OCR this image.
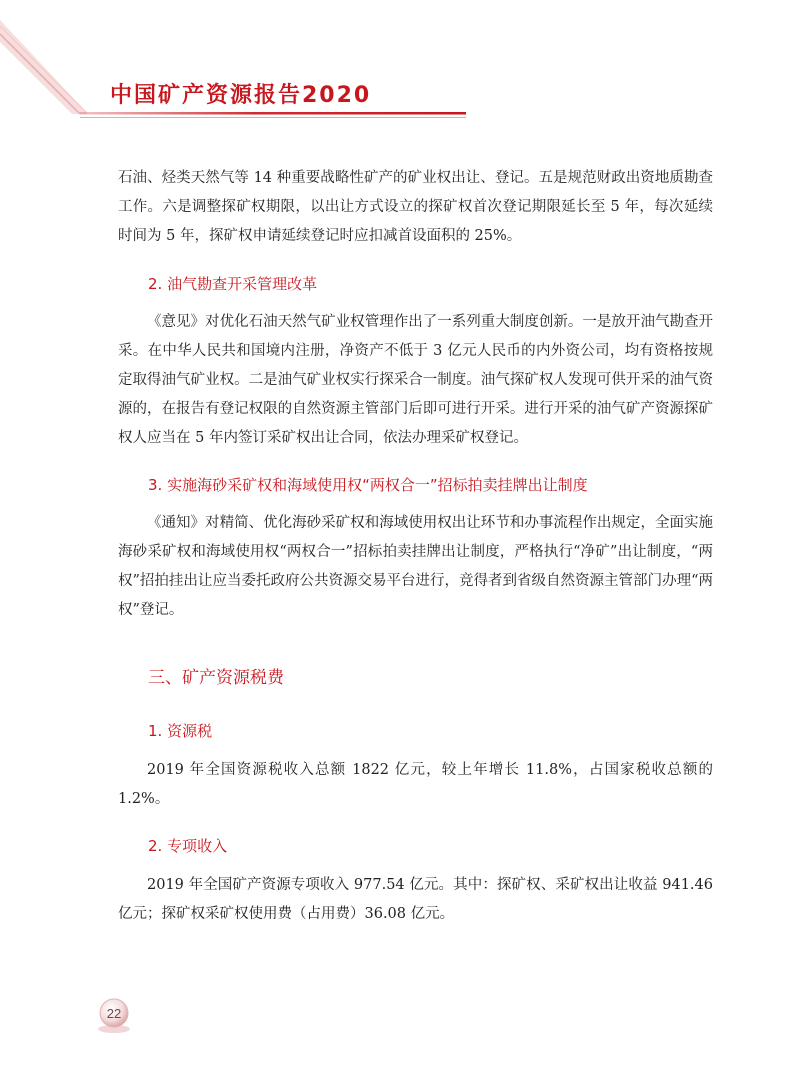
中国矿产资源报告2020

石油、烃类天然气等 14 种重要战略性矿产的矿业权出让、登记。五是规范财政出资地质勘查工作。六是调整探矿权期限，以出让方式设立的探矿权首次登记期限延长至 5 年，每次延续时间为 5 年，探矿权申请延续登记时应扣减首设面积的 25%。

2. 油气勘查开采管理改革

《意见》对优化石油天然气矿业权管理作出了一系列重大制度创新。一是放开油气勘查开采。在中华人民共和国境内注册，净资产不低于 3 亿元人民币的内外资公司，均有资格按规定取得油气矿业权。二是油气矿业权实行探采合一制度。油气探矿权人发现可供开采的油气资源的，在报告有登记权限的自然资源主管部门后即可进行开采。进行开采的油气矿产资源探矿权人应当在 5 年内签订采矿权出让合同，依法办理采矿权登记。

3. 实施海砂采矿权和海域使用权“两权合一”招标拍卖挂牌出让制度

《通知》对精简、优化海砂采矿权和海域使用权出让环节和办事流程作出规定，全面实施海砂采矿权和海域使用权“两权合一”招标拍卖挂牌出让制度，严格执行“净矿”出让制度，“两权”招拍挂出让应当委托政府公共资源交易平台进行，竞得者到省级自然资源主管部门办理“两权”登记。

三、矿产资源税费
1. 资源税

2019 年全国资源税收入总额 1822 亿元，较上年增长 11.8%，占国家税收总额的 1.2%。

2. 专项收入

2019 年全国矿产资源专项收入 977.54 亿元。其中：探矿权、采矿权出让收益 941.46 亿元；探矿权采矿权使用费（占用费）36.08 亿元。

22
